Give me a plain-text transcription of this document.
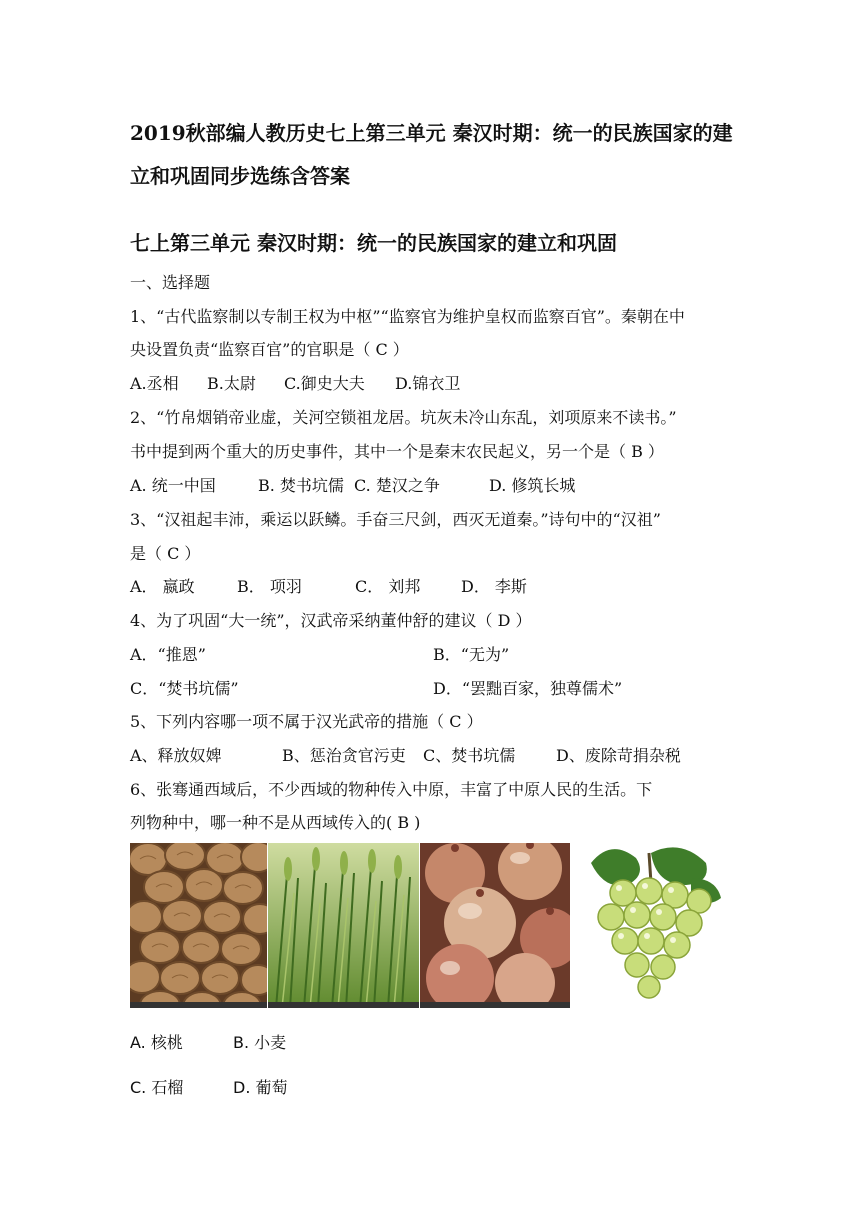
2019秋部编人教历史七上第三单元 秦汉时期：统一的民族国家的建
立和巩固同步选练含答案
七上第三单元 秦汉时期：统一的民族国家的建立和巩固
一、选择题
1、“古代监察制以专制王权为中枢”“监察官为维护皇权而监察百官”。秦朝在中
央设置负责“监察百官”的官职是（ C ）
A.丞相 B.太尉 C.御史大夫 D.锦衣卫
2、“竹帛烟销帝业虚，关河空锁祖龙居。坑灰未冷山东乱，刘项原来不读书。”
书中提到两个重大的历史事件，其中一个是秦末农民起义，另一个是（ B ）
A. 统一中国	B. 焚书坑儒 C. 楚汉之争	D. 修筑长城
3、“汉祖起丰沛，乘运以跃鳞。手奋三尺剑，西灭无道秦。”诗句中的“汉祖”
是（ C ）
A． 嬴政	B． 项羽	C． 刘邦	D． 李斯
4、为了巩固“大一统”，汉武帝采纳董仲舒的建议（ D ）
A．“推恩”	B．“无为”
C．“焚书坑儒”	D．“罢黜百家，独尊儒术”
5、下列内容哪一项不属于汉光武帝的措施（ C ）
A、释放奴婢	B、惩治贪官污吏 C、焚书坑儒	D、废除苛捐杂税
6、张骞通西域后，不少西域的物种传入中原，丰富了中原人民的生活。下
列物种中，哪一种不是从西域传入的( B )
A. 核桃	B. 小麦
C. 石榴	D. 葡萄
